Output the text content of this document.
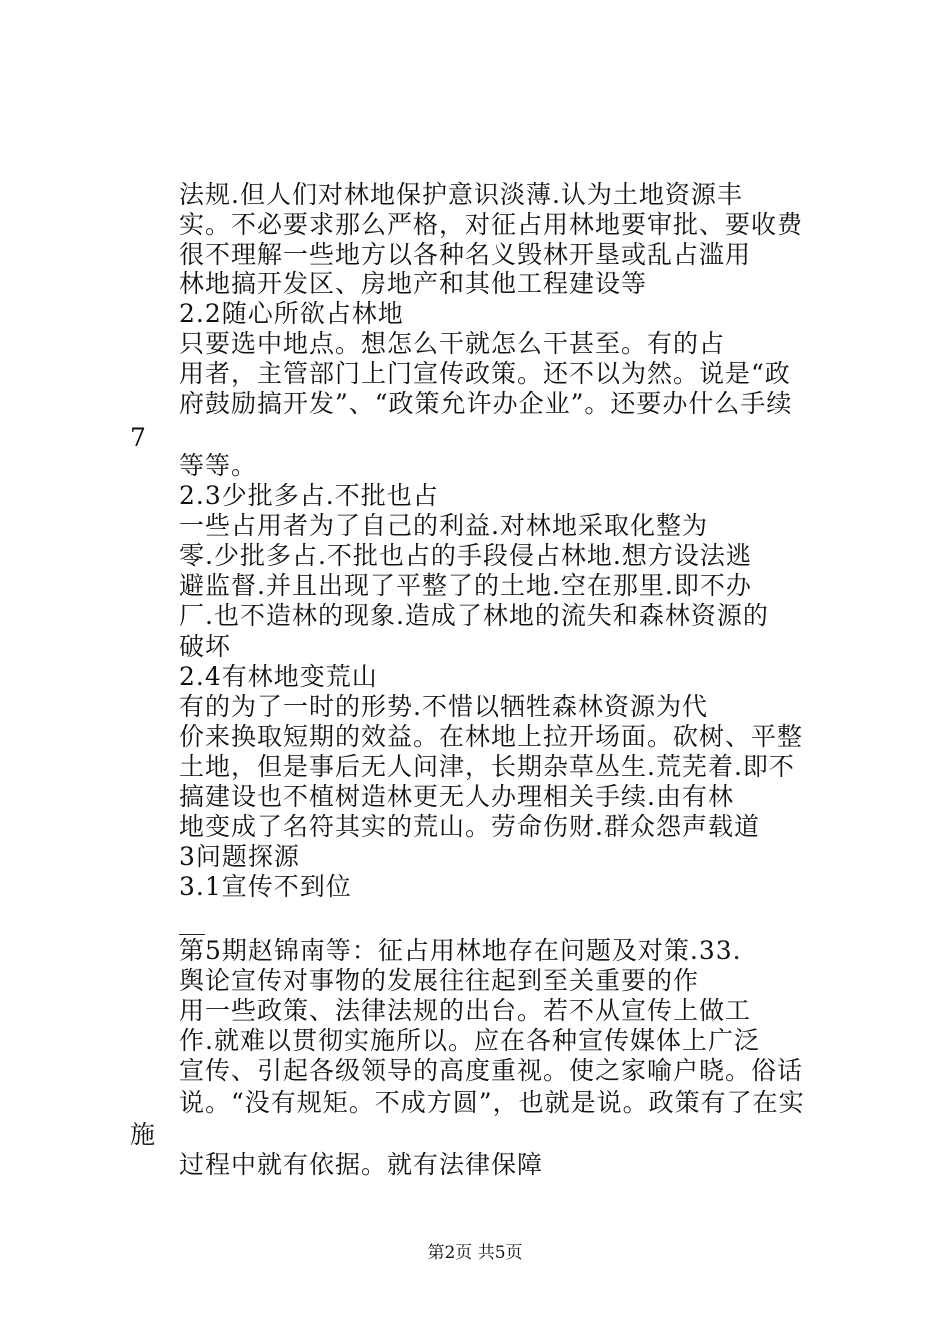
法规.但人们对林地保护意识淡薄.认为土地资源丰
实。不必要求那么严格，对征占用林地要审批、要收费
很不理解一些地方以各种名义毁林开垦或乱占滥用
林地搞开发区、房地产和其他工程建设等
2.2随心所欲占林地
只要选中地点。想怎么干就怎么干甚至。有的占
用者，主管部门上门宣传政策。还不以为然。说是“政
府鼓励搞开发”、“政策允许办企业”。还要办什么手续
7
等等。
2.3少批多占.不批也占
一些占用者为了自己的利益.对林地采取化整为
零.少批多占.不批也占的手段侵占林地.想方设法逃
避监督.并且出现了平整了的土地.空在那里.即不办
厂.也不造林的现象.造成了林地的流失和森林资源的
破坏
2.4有林地变荒山
有的为了一时的形势.不惜以牺牲森林资源为代
价来换取短期的效益。在林地上拉开场面。砍树、平整
土地，但是事后无人问津，长期杂草丛生.荒芜着.即不
搞建设也不植树造林更无人办理相关手续.由有林
地变成了名符其实的荒山。劳命伤财.群众怨声载道
3问题探源
3.1宣传不到位
第5期赵锦南等：征占用林地存在问题及对策.33.
舆论宣传对事物的发展往往起到至关重要的作
用一些政策、法律法规的出台。若不从宣传上做工
作.就难以贯彻实施所以。应在各种宣传媒体上广泛
宣传、引起各级领导的高度重视。使之家喻户晓。俗话
说。“没有规矩。不成方圆”，也就是说。政策有了在实
施
过程中就有依据。就有法律保障
第2页 共5页
